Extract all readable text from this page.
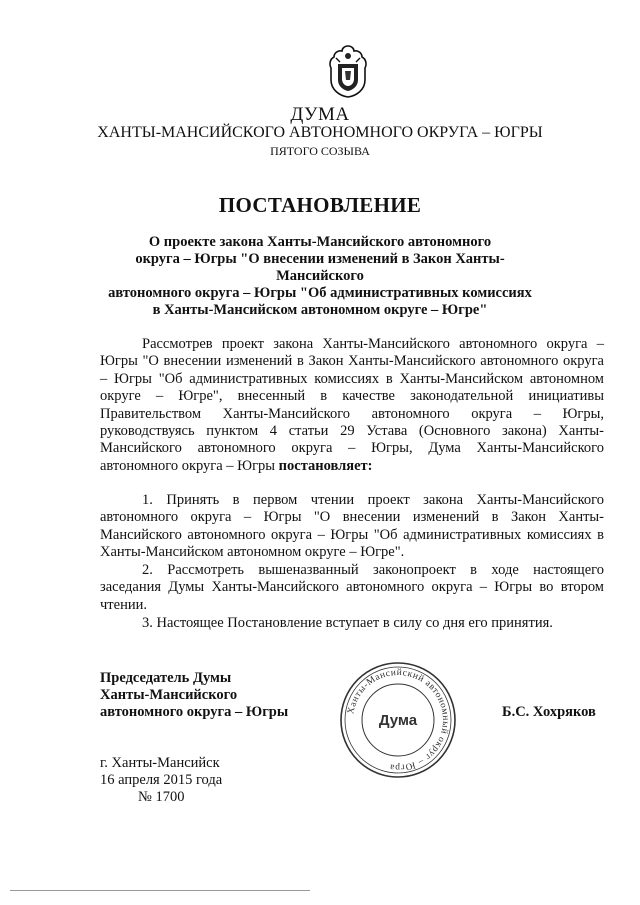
ДУМА
ХАНТЫ-МАНСИЙСКОГО АВТОНОМНОГО ОКРУГА – ЮГРЫ
ПЯТОГО СОЗЫВА
ПОСТАНОВЛЕНИЕ
О проекте закона Ханты-Мансийского автономного
округа – Югры "О внесении изменений в Закон Ханты-Мансийского
автономного округа – Югры "Об административных комиссиях
в Ханты-Мансийском автономном округе – Югре"
Рассмотрев проект закона Ханты-Мансийского автономного округа – Югры "О внесении изменений в Закон Ханты-Мансийского автономного округа – Югры "Об административных комиссиях в Ханты-Мансийском автономном округе – Югре", внесенный в качестве законодательной инициативы Правительством Ханты-Мансийского автономного округа – Югры, руководствуясь пунктом 4 статьи 29 Устава (Основного закона) Ханты-Мансийского автономного округа – Югры, Дума Ханты-Мансийского автономного округа – Югры постановляет:
1. Принять в первом чтении проект закона Ханты-Мансийского автономного округа – Югры "О внесении изменений в Закон Ханты-Мансийского автономного округа – Югры "Об административных комиссиях в Ханты-Мансийском автономном округе – Югре".
2. Рассмотреть вышеназванный законопроект в ходе настоящего заседания Думы Ханты-Мансийского автономного округа – Югры во втором чтении.
3. Настоящее Постановление вступает в силу со дня его принятия.
Председатель Думы
Ханты-Мансийского
автономного округа – Югры	Ханты-Мансийский автономный округ – Югра
Дума	Б.С. Хохряков
г. Ханты-Мансийск
16 апреля 2015 года
№ 1700
